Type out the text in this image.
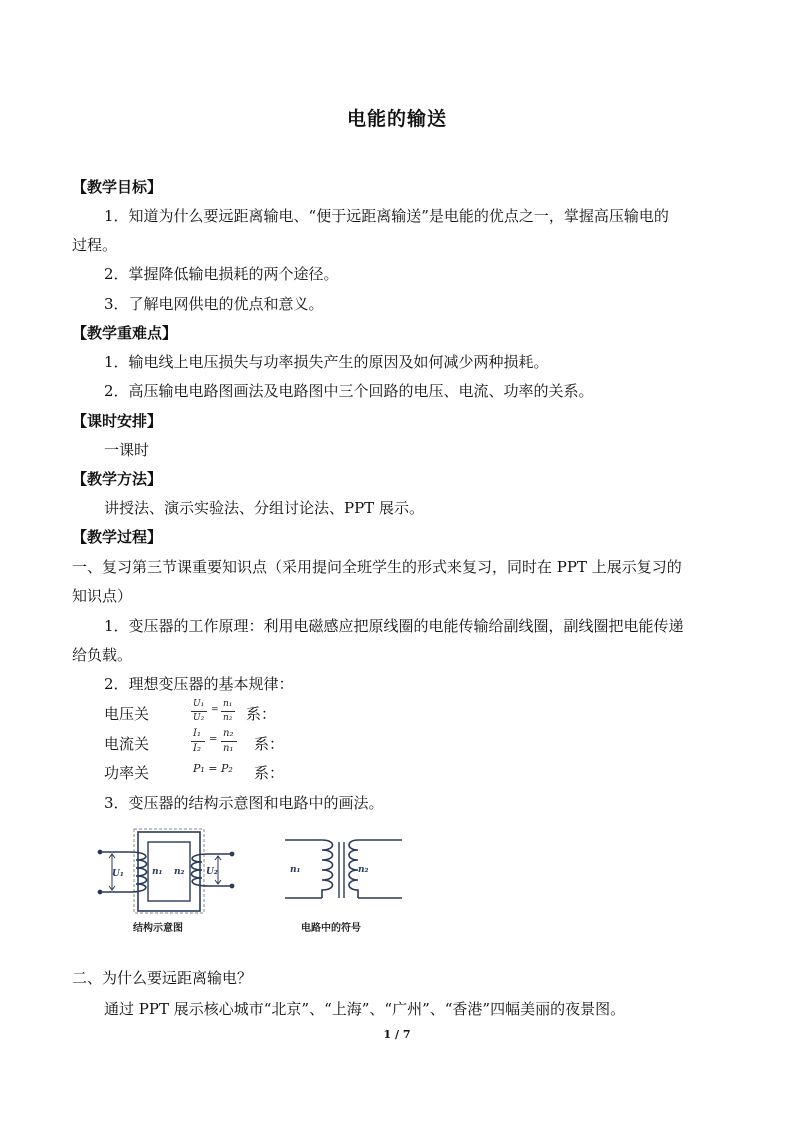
电能的输送
【教学目标】
1．知道为什么要远距离输电、“便于远距离输送”是电能的优点之一，掌握高压输电的
过程。
2．掌握降低输电损耗的两个途径。
3．了解电网供电的优点和意义。
【教学重难点】
1．输电线上电压损失与功率损失产生的原因及如何减少两种损耗。
2．高压输电电路图画法及电路图中三个回路的电压、电流、功率的关系。
【课时安排】
一课时
【教学方法】
讲授法、演示实验法、分组讨论法、PPT 展示。
【教学过程】
一、复习第三节课重要知识点（采用提问全班学生的形式来复习，同时在 PPT 上展示复习的
知识点）
1．变压器的工作原理：利用电磁感应把原线圈的电能传输给副线圈，副线圈把电能传递
给负载。
2．理想变压器的基本规律：
电压关	系：
U₁
U₂
=
n₁
n₂
电流关	系：
I₁
I₂
=
n₂
n₁
功率关	系：
P₁ = P₂
3．变压器的结构示意图和电路中的画法。
U₁	n₁ n₂ U₂	n₁	n₂
结构示意图	电路中的符号
二、为什么要远距离输电？
通过 PPT 展示核心城市“北京”、“上海”、“广州”、“香港”四幅美丽的夜景图。
1 / 7
